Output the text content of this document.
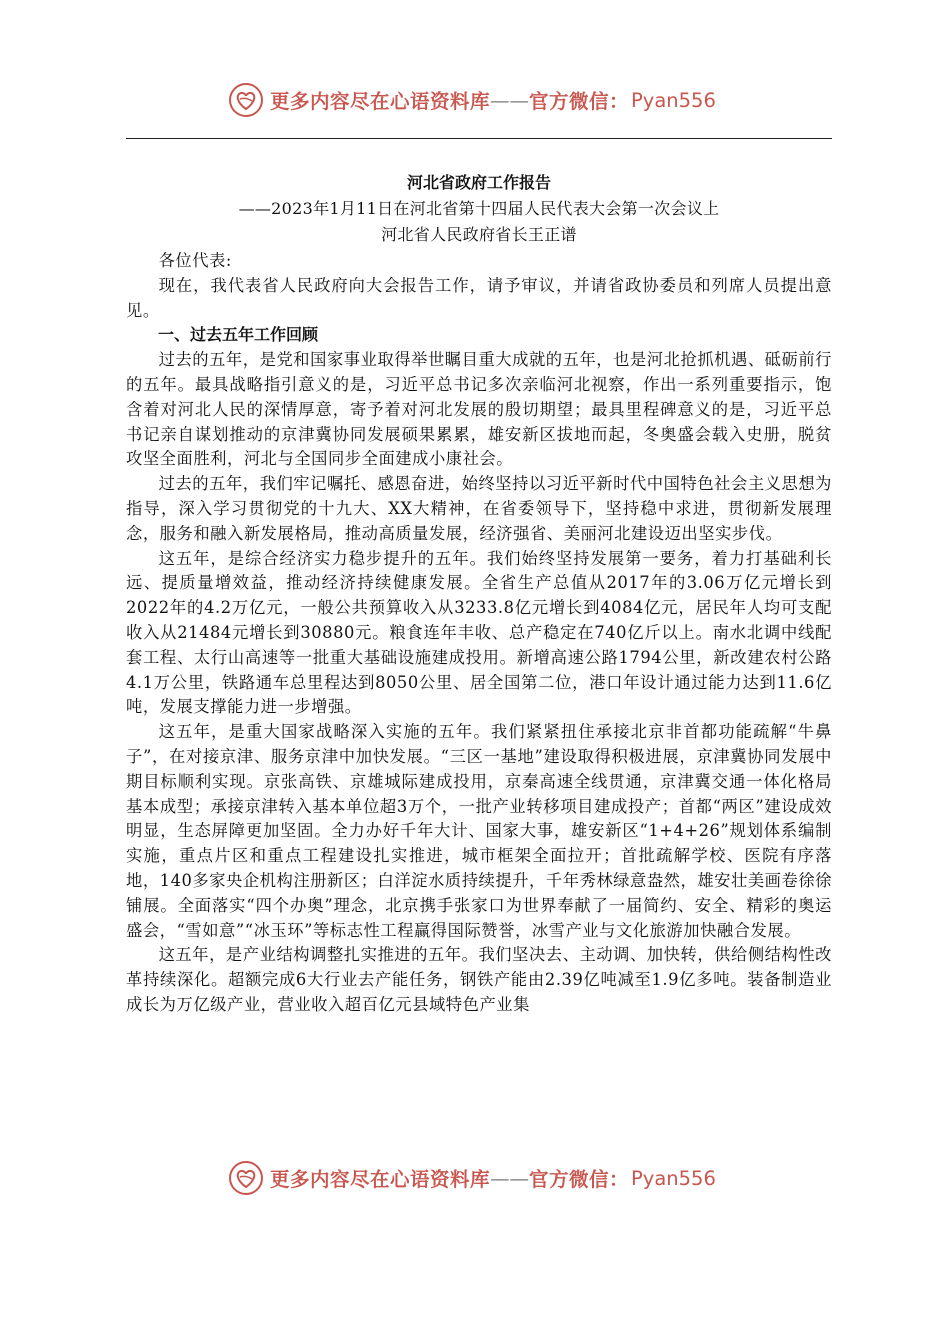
更多内容尽在心语资料库 —— 官方微信： Pyan556

河北省政府工作报告

——2023年1月11日在河北省第十四届人民代表大会第一次会议上

河北省人民政府省长王正谱

各位代表:

现在，我代表省人民政府向大会报告工作，请予审议，并请省政协委员和列席人员提出意见。

一、过去五年工作回顾

过去的五年，是党和国家事业取得举世瞩目重大成就的五年，也是河北抢抓机遇、砥砺前行的五年。最具战略指引意义的是，习近平总书记多次亲临河北视察，作出一系列重要指示，饱含着对河北人民的深情厚意，寄予着对河北发展的殷切期望；最具里程碑意义的是，习近平总书记亲自谋划推动的京津冀协同发展硕果累累，雄安新区拔地而起，冬奥盛会载入史册，脱贫攻坚全面胜利，河北与全国同步全面建成小康社会。

过去的五年，我们牢记嘱托、感恩奋进，始终坚持以习近平新时代中国特色社会主义思想为指导，深入学习贯彻党的十九大、XX大精神，在省委领导下，坚持稳中求进，贯彻新发展理念，服务和融入新发展格局，推动高质量发展，经济强省、美丽河北建设迈出坚实步伐。

这五年，是综合经济实力稳步提升的五年。我们始终坚持发展第一要务，着力打基础利长远、提质量增效益，推动经济持续健康发展。全省生产总值从2017年的3.06万亿元增长到2022年的4.2万亿元，一般公共预算收入从3233.8亿元增长到4084亿元，居民年人均可支配收入从21484元增长到30880元。粮食连年丰收、总产稳定在740亿斤以上。南水北调中线配套工程、太行山高速等一批重大基础设施建成投用。新增高速公路1794公里，新改建农村公路4.1万公里，铁路通车总里程达到8050公里、居全国第二位，港口年设计通过能力达到11.6亿吨，发展支撑能力进一步增强。

这五年，是重大国家战略深入实施的五年。我们紧紧扭住承接北京非首都功能疏解“牛鼻子”，在对接京津、服务京津中加快发展。“三区一基地”建设取得积极进展，京津冀协同发展中期目标顺利实现。京张高铁、京雄城际建成投用，京秦高速全线贯通，京津冀交通一体化格局基本成型；承接京津转入基本单位超3万个，一批产业转移项目建成投产；首都“两区”建设成效明显，生态屏障更加坚固。全力办好千年大计、国家大事，雄安新区“1+4+26”规划体系编制实施，重点片区和重点工程建设扎实推进，城市框架全面拉开；首批疏解学校、医院有序落地，140多家央企机构注册新区；白洋淀水质持续提升，千年秀林绿意盎然，雄安壮美画卷徐徐铺展。全面落实“四个办奥”理念，北京携手张家口为世界奉献了一届简约、安全、精彩的奥运盛会，“雪如意”“冰玉环”等标志性工程赢得国际赞誉，冰雪产业与文化旅游加快融合发展。

这五年，是产业结构调整扎实推进的五年。我们坚决去、主动调、加快转，供给侧结构性改革持续深化。超额完成6大行业去产能任务，钢铁产能由2.39亿吨减至1.9亿多吨。装备制造业成长为万亿级产业，营业收入超百亿元县域特色产业集

更多内容尽在心语资料库 —— 官方微信： Pyan556
